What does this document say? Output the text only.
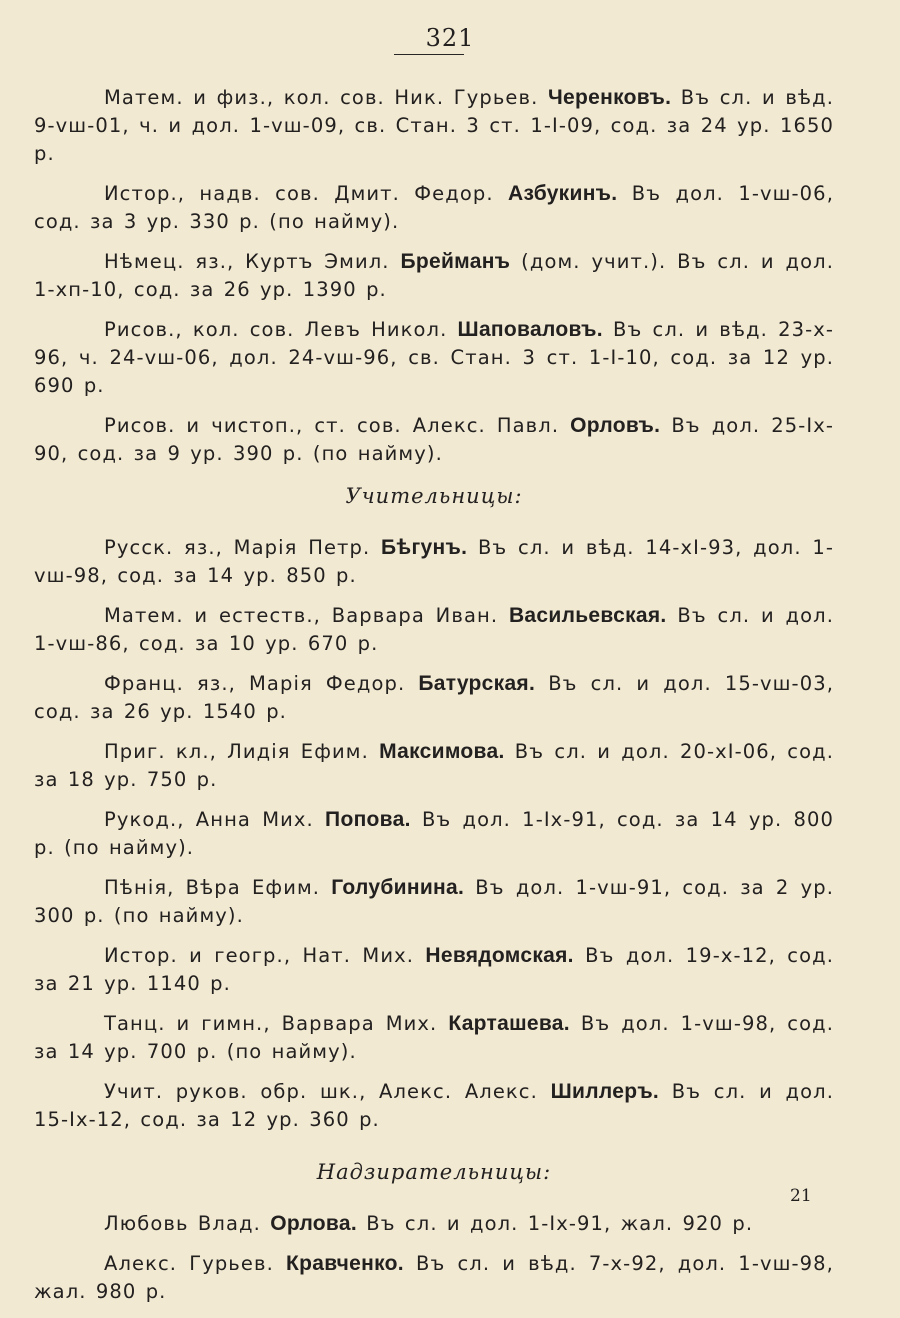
321

Матем. и физ., кол. сов. Ник. Гурьев. Черенковъ. Въ сл. и вѣд. 9-vш-01, ч. и дол. 1-vш-09, св. Стан. 3 ст. 1-I-09, сод. за 24 ур. 1650 р.

Истор., надв. сов. Дмит. Федор. Азбукинъ. Въ дол. 1-vш-06, сод. за 3 ур. 330 р. (по найму).

Нѣмец. яз., Куртъ Эмил. Брейманъ (дом. учит.). Въ сл. и дол. 1-xп-10, сод. за 26 ур. 1390 р.

Рисов., кол. сов. Левъ Никол. Шаповаловъ. Въ сл. и вѣд. 23-x-96, ч. 24-vш-06, дол. 24-vш-96, св. Стан. 3 ст. 1-I-10, сод. за 12 ур. 690 р.

Рисов. и чистоп., ст. сов. Алекс. Павл. Орловъ. Въ дол. 25-Ix-90, сод. за 9 ур. 390 р. (по найму).

Учительницы:

Русск. яз., Марія Петр. Бѣгунъ. Въ сл. и вѣд. 14-xI-93, дол. 1-vш-98, сод. за 14 ур. 850 р.

Матем. и естеств., Варвара Иван. Васильевская. Въ сл. и дол. 1-vш-86, сод. за 10 ур. 670 р.

Франц. яз., Марія Федор. Батурская. Въ сл. и дол. 15-vш-03, сод. за 26 ур. 1540 р.

Приг. кл., Лидія Ефим. Максимова. Въ сл. и дол. 20-xI-06, сод. за 18 ур. 750 р.

Рукод., Анна Мих. Попова. Въ дол. 1-Ix-91, сод. за 14 ур. 800 р. (по найму).

Пѣнія, Вѣра Ефим. Голубинина. Въ дол. 1-vш-91, сод. за 2 ур. 300 р. (по найму).

Истор. и геогр., Нат. Мих. Невядомская. Въ дол. 19-x-12, сод. за 21 ур. 1140 р.

Танц. и гимн., Варвара Мих. Карташева. Въ дол. 1-vш-98, сод. за 14 ур. 700 р. (по найму).

Учит. руков. обр. шк., Алекс. Алекс. Шиллеръ. Въ сл. и дол. 15-Ix-12, сод. за 12 ур. 360 р.

Надзирательницы:

Любовь Влад. Орлова. Въ сл. и дол. 1-Ix-91, жал. 920 р.

Алекс. Гурьев. Кравченко. Въ сл. и вѣд. 7-x-92, дол. 1-vш-98, жал. 980 р.

21
